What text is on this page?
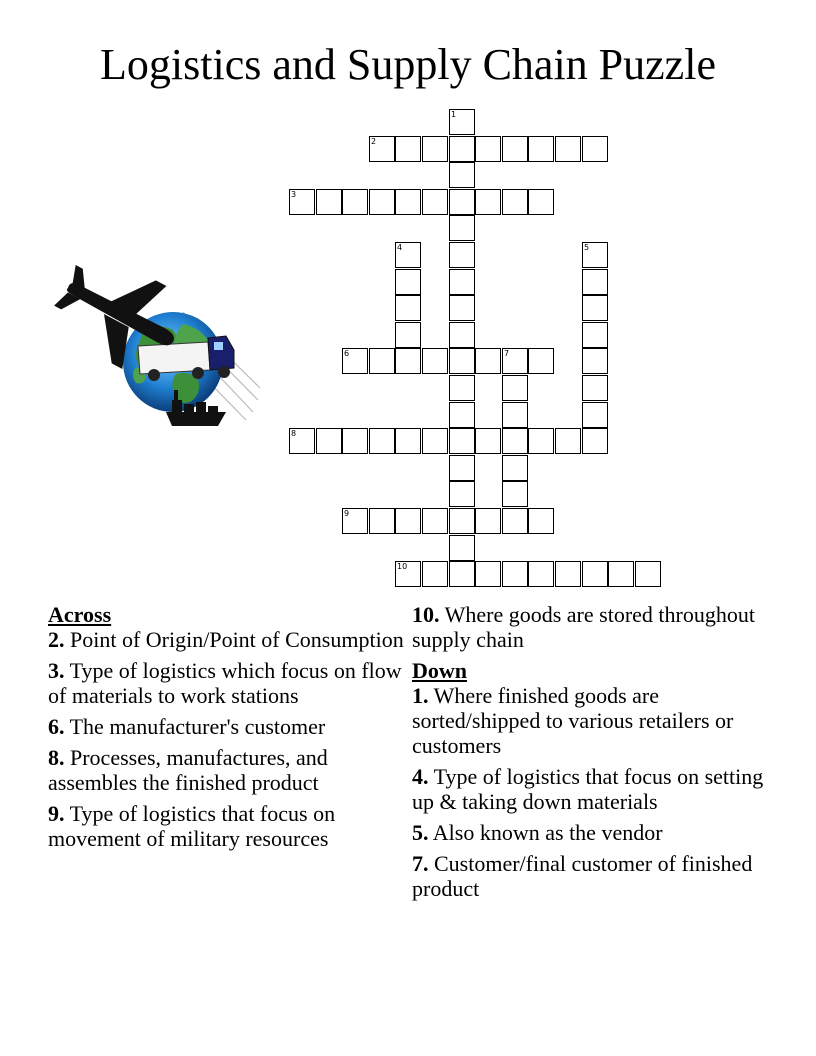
Logistics and Supply Chain Puzzle
1
2
3
4	5
6	7
8
9
10
Across
2. Point of Origin/Point of Consumption
3. Type of logistics which focus on flow of materials to work stations
6. The manufacturer's customer
8. Processes, manufactures, and assembles the finished product
9. Type of logistics that focus on movement of military resources
10. Where goods are stored throughout supply chain
Down
1. Where finished goods are sorted/shipped to various retailers or customers
4. Type of logistics that focus on setting up & taking down materials
5. Also known as the vendor
7. Customer/final customer of finished product
